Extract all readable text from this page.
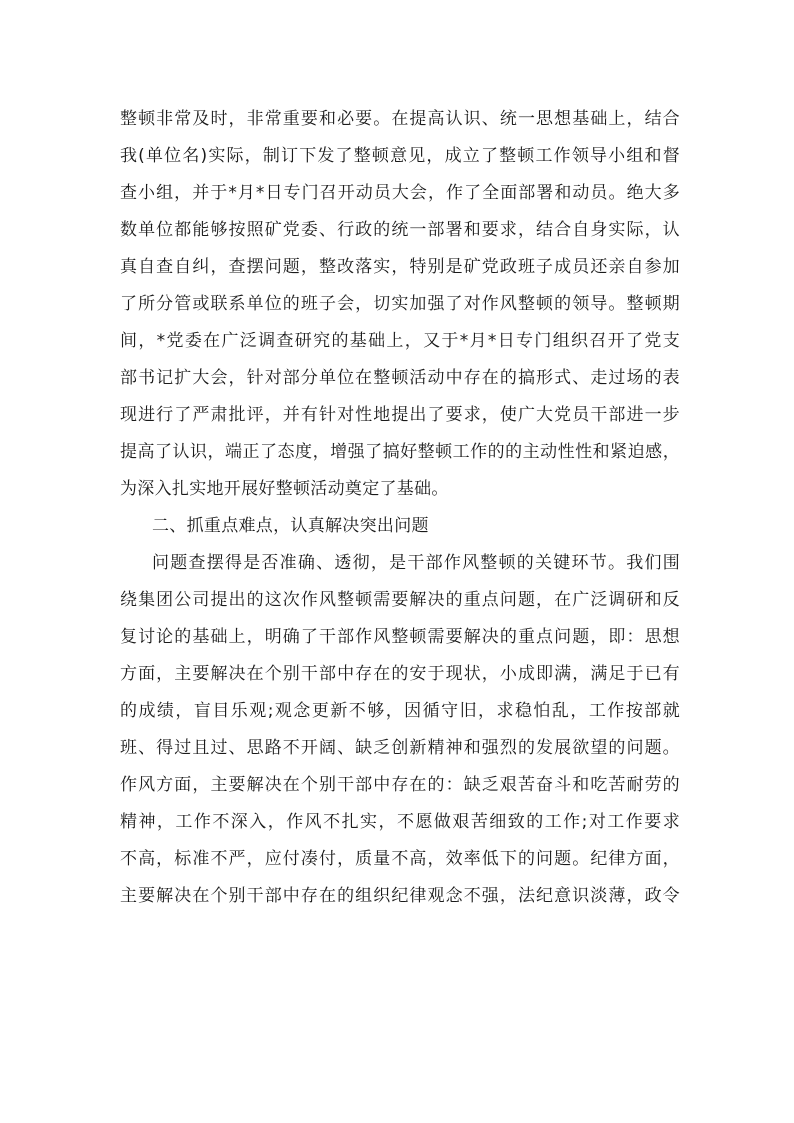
整顿非常及时，非常重要和必要。在提高认识、统一思想基础上，结合
我(单位名)实际，制订下发了整顿意见，成立了整顿工作领导小组和督
查小组，并于*月*日专门召开动员大会，作了全面部署和动员。绝大多
数单位都能够按照矿党委、行政的统一部署和要求，结合自身实际，认
真自查自纠，查摆问题，整改落实，特别是矿党政班子成员还亲自参加
了所分管或联系单位的班子会，切实加强了对作风整顿的领导。整顿期
间，*党委在广泛调查研究的基础上，又于*月*日专门组织召开了党支
部书记扩大会，针对部分单位在整顿活动中存在的搞形式、走过场的表
现进行了严肃批评，并有针对性地提出了要求，使广大党员干部进一步
提高了认识，端正了态度，增强了搞好整顿工作的的主动性性和紧迫感，
为深入扎实地开展好整顿活动奠定了基础。
二、抓重点难点，认真解决突出问题
问题查摆得是否准确、透彻，是干部作风整顿的关键环节。我们围
绕集团公司提出的这次作风整顿需要解决的重点问题，在广泛调研和反
复讨论的基础上，明确了干部作风整顿需要解决的重点问题，即：思想
方面，主要解决在个别干部中存在的安于现状，小成即满，满足于已有
的成绩，盲目乐观;观念更新不够，因循守旧，求稳怕乱，工作按部就
班、得过且过、思路不开阔、缺乏创新精神和强烈的发展欲望的问题。
作风方面，主要解决在个别干部中存在的：缺乏艰苦奋斗和吃苦耐劳的
精神，工作不深入，作风不扎实，不愿做艰苦细致的工作;对工作要求
不高，标准不严，应付凑付，质量不高，效率低下的问题。纪律方面，
主要解决在个别干部中存在的组织纪律观念不强，法纪意识淡薄，政令
